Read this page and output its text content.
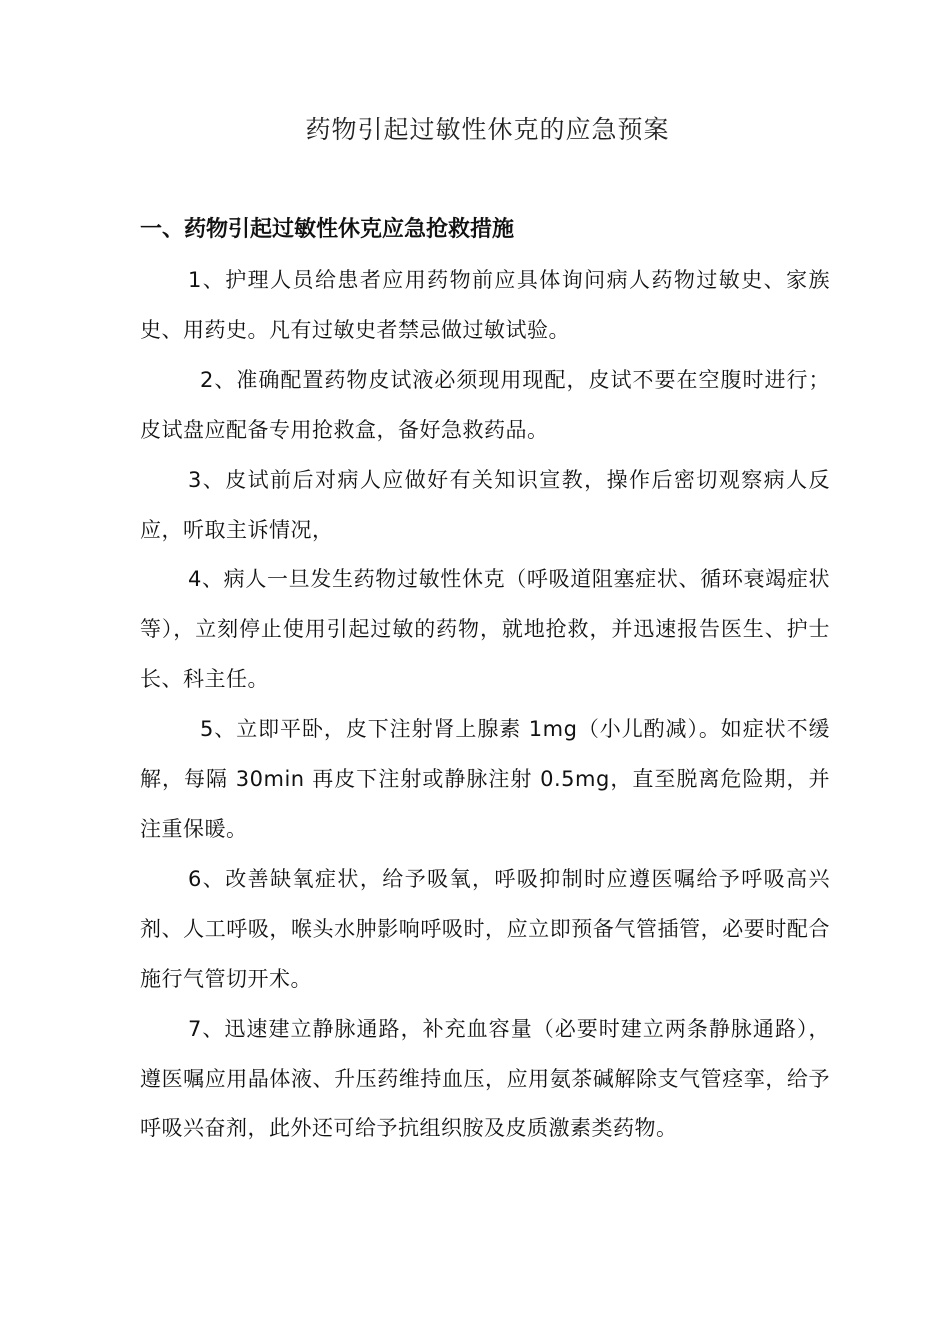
药物引起过敏性休克的应急预案
一、药物引起过敏性休克应急抢救措施

1、护理人员给患者应用药物前应具体询问病人药物过敏史、家族史、用药史。凡有过敏史者禁忌做过敏试验。

2、准确配置药物皮试液必须现用现配，皮试不要在空腹时进行；皮试盘应配备专用抢救盒，备好急救药品。

3、皮试前后对病人应做好有关知识宣教，操作后密切观察病人反应，听取主诉情况，

4、病人一旦发生药物过敏性休克（呼吸道阻塞症状、循环衰竭症状等），立刻停止使用引起过敏的药物，就地抢救，并迅速报告医生、护士长、科主任。

5、立即平卧，皮下注射肾上腺素 1mg（小儿酌减）。如症状不缓解，每隔 30min 再皮下注射或静脉注射 0.5mg，直至脱离危险期，并注重保暖。

6、改善缺氧症状，给予吸氧，呼吸抑制时应遵医嘱给予呼吸高兴剂、人工呼吸，喉头水肿影响呼吸时，应立即预备气管插管，必要时配合施行气管切开术。

7、迅速建立静脉通路，补充血容量（必要时建立两条静脉通路），遵医嘱应用晶体液、升压药维持血压，应用氨茶碱解除支气管痉挛，给予呼吸兴奋剂，此外还可给予抗组织胺及皮质激素类药物。
